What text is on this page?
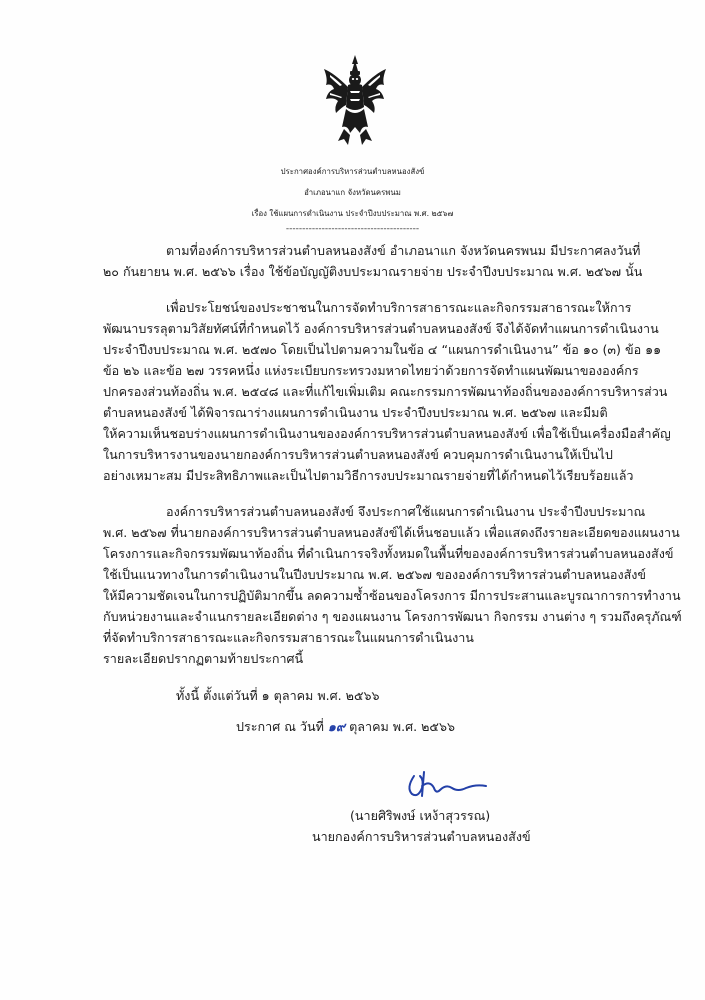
ประกาศองค์การบริหารส่วนตำบลหนองสังข์
อำเภอนาแก จังหวัดนครพนม
เรื่อง ใช้แผนการดำเนินงาน ประจำปีงบประมาณ พ.ศ. ๒๕๖๗
-----------------------------------------
ตามที่องค์การบริหารส่วนตำบลหนองสังข์ อำเภอนาแก จังหวัดนครพนม มีประกาศลงวันที่
๒๐ กันยายน พ.ศ. ๒๕๖๖ เรื่อง ใช้ข้อบัญญัติงบประมาณรายจ่าย ประจำปีงบประมาณ พ.ศ. ๒๕๖๗ นั้น
เพื่อประโยชน์ของประชาชนในการจัดทำบริการสาธารณะและกิจกรรมสาธารณะให้การ
พัฒนาบรรลุตามวิสัยทัศน์ที่กำหนดไว้ องค์การบริหารส่วนตำบลหนองสังข์ จึงได้จัดทำแผนการดำเนินงาน
ประจำปีงบประมาณ พ.ศ. ๒๕๗๐ โดยเป็นไปตามความในข้อ ๔ “แผนการดำเนินงาน” ข้อ ๑๐ (๓) ข้อ ๑๑
ข้อ ๒๖ และข้อ ๒๗ วรรคหนึ่ง แห่งระเบียบกระทรวงมหาดไทยว่าด้วยการจัดทำแผนพัฒนาขององค์กร
ปกครองส่วนท้องถิ่น พ.ศ. ๒๕๔๘ และที่แก้ไขเพิ่มเติม คณะกรรมการพัฒนาท้องถิ่นขององค์การบริหารส่วน
ตำบลหนองสังข์ ได้พิจารณาร่างแผนการดำเนินงาน ประจำปีงบประมาณ พ.ศ. ๒๕๖๗ และมีมติ
ให้ความเห็นชอบร่างแผนการดำเนินงานขององค์การบริหารส่วนตำบลหนองสังข์ เพื่อใช้เป็นเครื่องมือสำคัญ
ในการบริหารงานของนายกองค์การบริหารส่วนตำบลหนองสังข์ ควบคุมการดำเนินงานให้เป็นไป
อย่างเหมาะสม มีประสิทธิภาพและเป็นไปตามวิธีการงบประมาณรายจ่ายที่ได้กำหนดไว้เรียบร้อยแล้ว
องค์การบริหารส่วนตำบลหนองสังข์ จึงประกาศใช้แผนการดำเนินงาน ประจำปีงบประมาณ
พ.ศ. ๒๕๖๗ ที่นายกองค์การบริหารส่วนตำบลหนองสังข์ได้เห็นชอบแล้ว เพื่อแสดงถึงรายละเอียดของแผนงาน
โครงการและกิจกรรมพัฒนาท้องถิ่น ที่ดำเนินการจริงทั้งหมดในพื้นที่ขององค์การบริหารส่วนตำบลหนองสังข์
ใช้เป็นแนวทางในการดำเนินงานในปีงบประมาณ พ.ศ. ๒๕๖๗ ขององค์การบริหารส่วนตำบลหนองสังข์
ให้มีความชัดเจนในการปฏิบัติมากขึ้น ลดความซ้ำซ้อนของโครงการ มีการประสานและบูรณาการการทำงาน
กับหน่วยงานและจำแนกรายละเอียดต่าง ๆ ของแผนงาน โครงการพัฒนา กิจกรรม งานต่าง ๆ รวมถึงครุภัณฑ์
ที่จัดทำบริการสาธารณะและกิจกรรมสาธารณะในแผนการดำเนินงาน
รายละเอียดปรากฏตามท้ายประกาศนี้
ทั้งนี้ ตั้งแต่วันที่ ๑ ตุลาคม พ.ศ. ๒๕๖๖
ประกาศ ณ วันที่ ๑๙ ตุลาคม พ.ศ. ๒๕๖๖
(นายศิริพงษ์ เหง้าสุวรรณ)
นายกองค์การบริหารส่วนตำบลหนองสังข์
